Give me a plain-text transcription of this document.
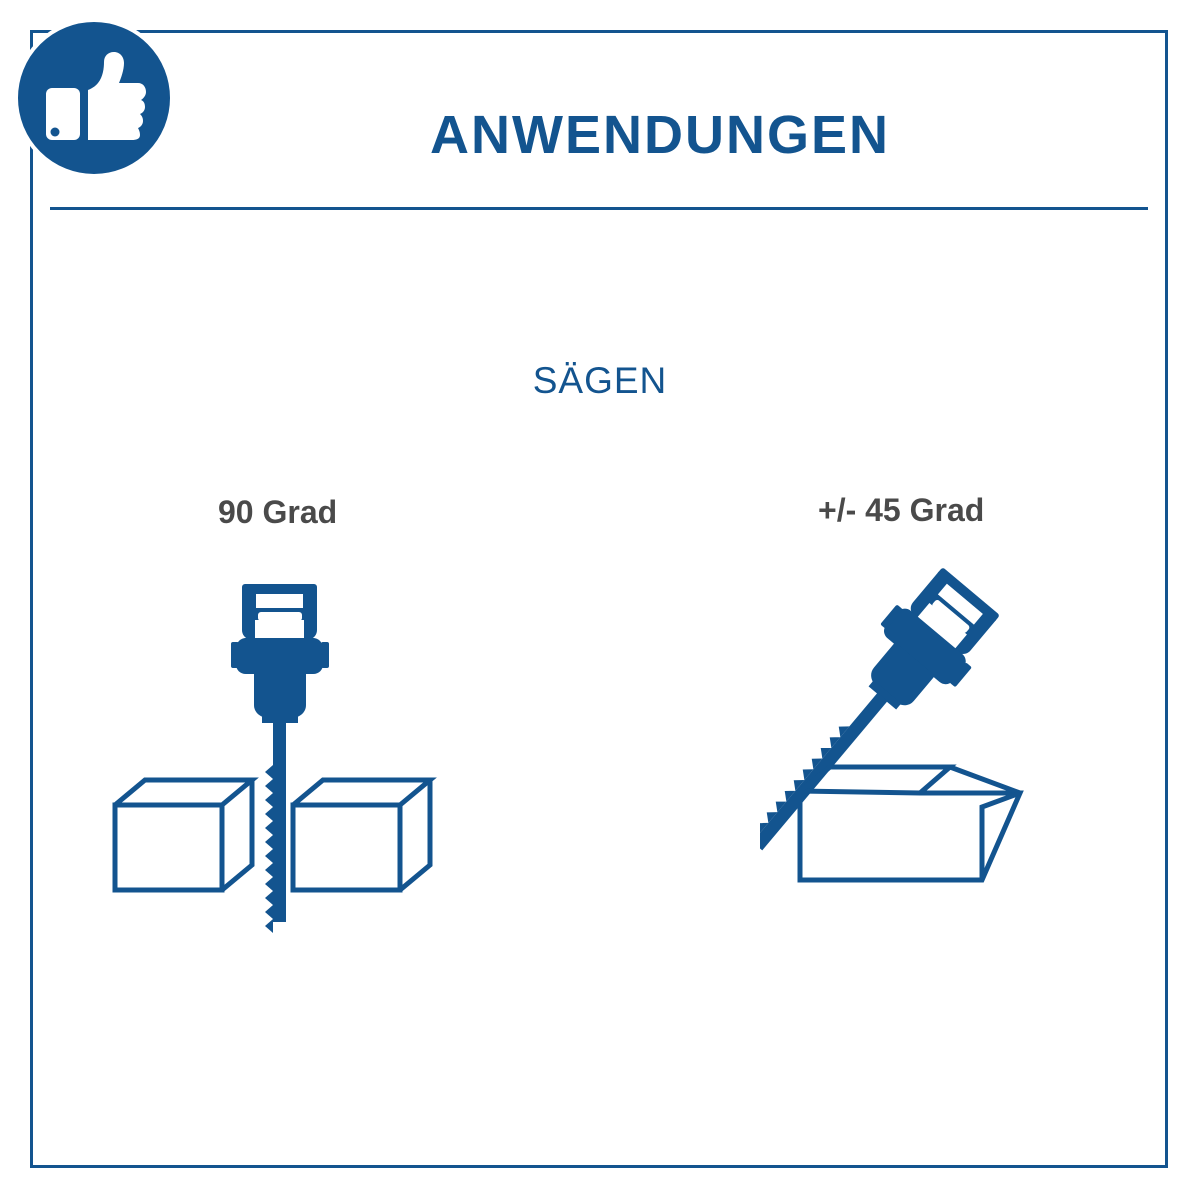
ANWENDUNGEN
SÄGEN
90 Grad	+/- 45 Grad
